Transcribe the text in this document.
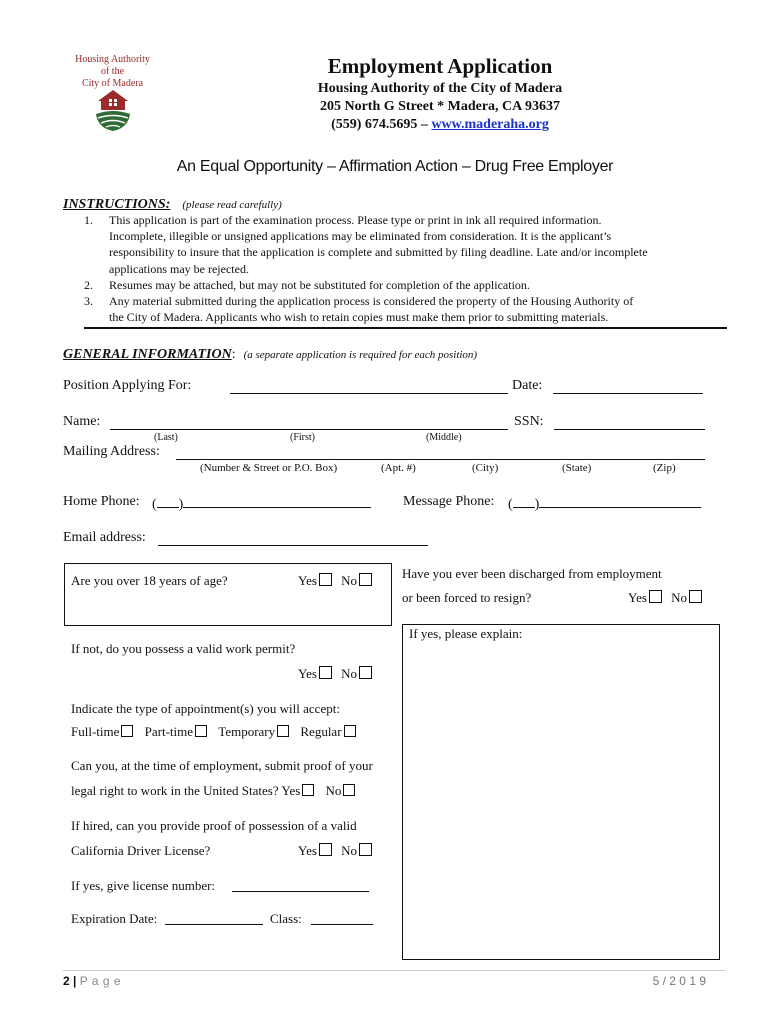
Housing Authority
of the
City of Madera
Employment Application
Housing Authority of the City of Madera
205 North G Street * Madera, CA 93637
(559) 674.5695 – www.maderaha.org
An Equal Opportunity – Affirmation Action – Drug Free Employer
INSTRUCTIONS: (please read carefully)
1.	This application is part of the examination process. Please type or print in ink all required information.
Incomplete, illegible or unsigned applications may be eliminated from consideration. It is the applicant’s
responsibility to insure that the application is complete and submitted by filing deadline. Late and/or incomplete
applications may be rejected.
2.	Resumes may be attached, but may not be substituted for completion of the application.
3.	Any material submitted during the application process is considered the property of the Housing Authority of
the City of Madera. Applicants who wish to retain copies must make them prior to submitting materials.
GENERAL INFORMATION: (a separate application is required for each position)
Position Applying For:	Date:
Name:	SSN:
(Last)	(First)	(Middle)
Mailing Address:
(Number & Street or P.O. Box)	(Apt. #)	(City)	(State)	(Zip)
Home Phone: ( )	Message Phone: ( )
Email address:
Are you over 18 years of age?	Yes No	Have you ever been discharged from employment
or been forced to resign?	Yes No
If yes, please explain:
If not, do you possess a valid work permit?
Yes No
Indicate the type of appointment(s) you will accept:
Full-time Part-time Temporary Regular
Can you, at the time of employment, submit proof of your
legal right to work in the United States? Yes No
If hired, can you provide proof of possession of a valid
California Driver License?	Yes No
If yes, give license number:
Expiration Date:	Class:
2 | P a g e	5 / 2 0 1 9
